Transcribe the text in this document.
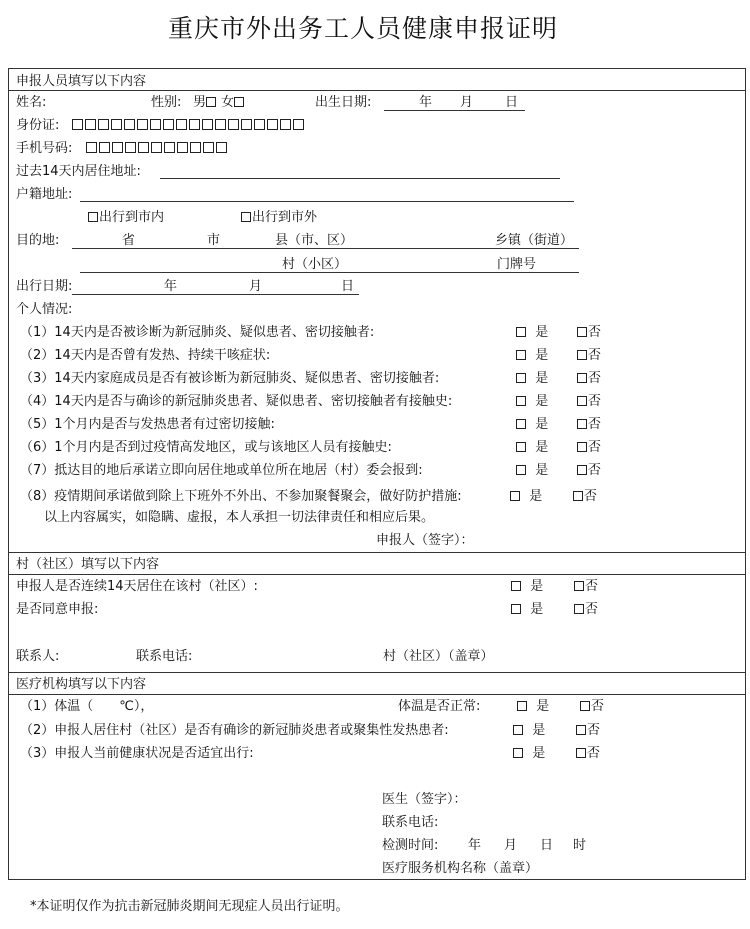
重庆市外出务工人员健康申报证明
申报人员填写以下内容
姓名:	性别: 男	女	出生日期:	年 月 日
身份证:
手机号码:
过去14天内居住地址:
户籍地址:
出行到市内	出行到市外
目的地:	省	市	县（市、区）	乡镇（街道）
村（小区）	门牌号
出行日期:	年	月	日
个人情况:
（1）14天内是否被诊断为新冠肺炎、疑似患者、密切接触者:	是	否
（2）14天内是否曾有发热、持续干咳症状:	是	否
（3）14天内家庭成员是否有被诊断为新冠肺炎、疑似患者、密切接触者:	是	否
（4）14天内是否与确诊的新冠肺炎患者、疑似患者、密切接触者有接触史:	是	否
（5）1个月内是否与发热患者有过密切接触:	是	否
（6）1个月内是否到过疫情高发地区，或与该地区人员有接触史:	是	否
（7）抵达目的地后承诺立即向居住地或单位所在地居（村）委会报到:	是	否
（8）疫情期间承诺做到除上下班外不外出、不参加聚餐聚会，做好防护措施:	是	否
以上内容属实，如隐瞒、虚报，本人承担一切法律责任和相应后果。
申报人（签字）：
村（社区）填写以下内容
申报人是否连续14天居住在该村（社区）:	是	否
是否同意申报:	是	否
联系人:	联系电话:	村（社区）（盖章）
医疗机构填写以下内容
（1）体温（　　℃），	体温是否正常:	是	否
（2）申报人居住村（社区）是否有确诊的新冠肺炎患者或聚集性发热患者:	是	否
（3）申报人当前健康状况是否适宜出行:	是	否
医生（签字）：
联系电话:
检测时间: 年 月 日 时
医疗服务机构名称（盖章）
*本证明仅作为抗击新冠肺炎期间无现症人员出行证明。
